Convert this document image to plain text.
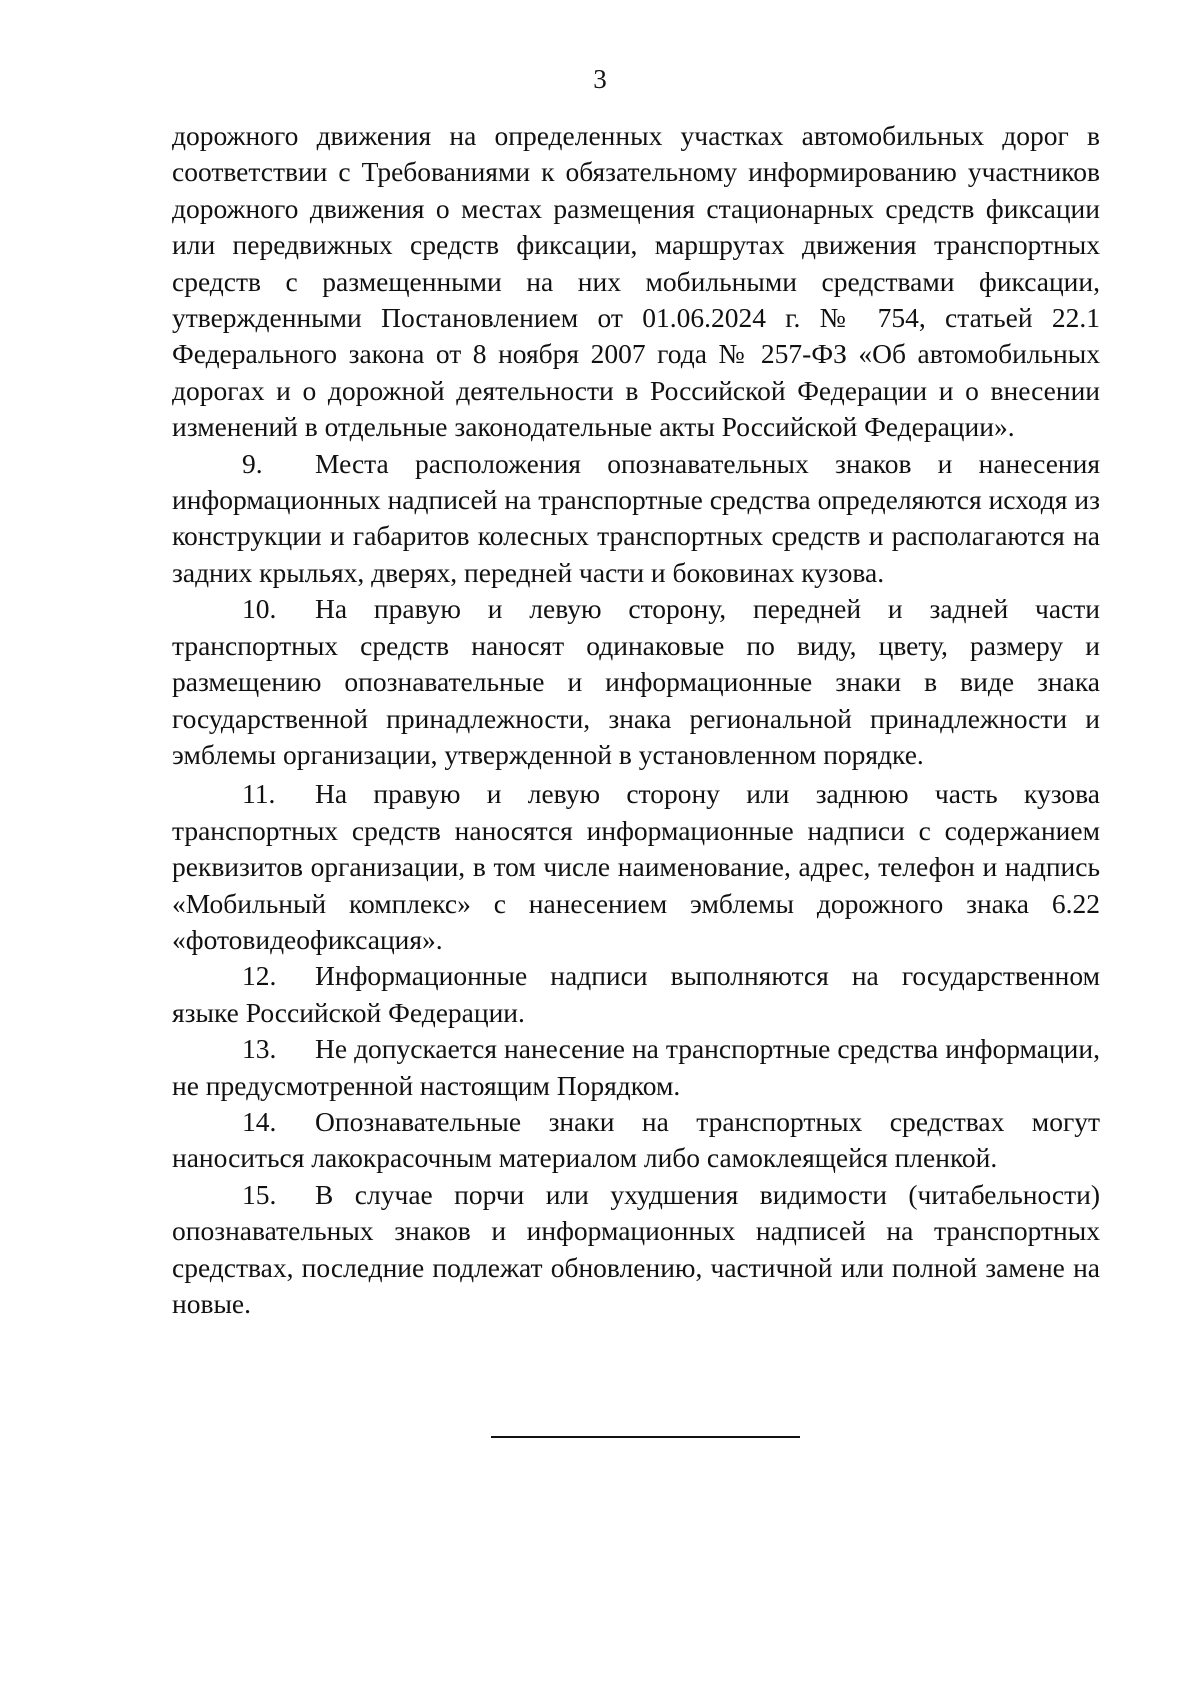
3

дорожного движения на определенных участках автомобильных дорог в соответствии с Требованиями к обязательному информированию участников дорожного движения о местах размещения стационарных средств фиксации или передвижных средств фиксации, маршрутах движения транспортных средств с размещенными на них мобильными средствами фиксации, утвержденными Постановлением от 01.06.2024 г. № 754, статьей 22.1 Федерального закона от 8 ноября 2007 года № 257-ФЗ «Об автомобильных дорогах и о дорожной деятельности в Российской Федерации и о внесении изменений в отдельные законодательные акты Российской Федерации».

9. Места расположения опознавательных знаков и нанесения информационных надписей на транспортные средства определяются исходя из конструкции и габаритов колесных транспортных средств и располагаются на задних крыльях, дверях, передней части и боковинах кузова.

10. На правую и левую сторону, передней и задней части транспортных средств наносят одинаковые по виду, цвету, размеру и размещению опознавательные и информационные знаки в виде знака государственной принадлежности, знака региональной принадлежности и эмблемы организации, утвержденной в установленном порядке.

11. На правую и левую сторону или заднюю часть кузова транспортных средств наносятся информационные надписи с содержанием реквизитов организации, в том числе наименование, адрес, телефон и надпись «Мобильный комплекс» с нанесением эмблемы дорожного знака 6.22 «фотовидеофиксация».

12. Информационные надписи выполняются на государственном языке Российской Федерации.

13. Не допускается нанесение на транспортные средства информации, не предусмотренной настоящим Порядком.

14. Опознавательные знаки на транспортных средствах могут наноситься лакокрасочным материалом либо самоклеящейся пленкой.

15. В случае порчи или ухудшения видимости (читабельности) опознавательных знаков и информационных надписей на транспортных средствах, последние подлежат обновлению, частичной или полной замене на новые.
